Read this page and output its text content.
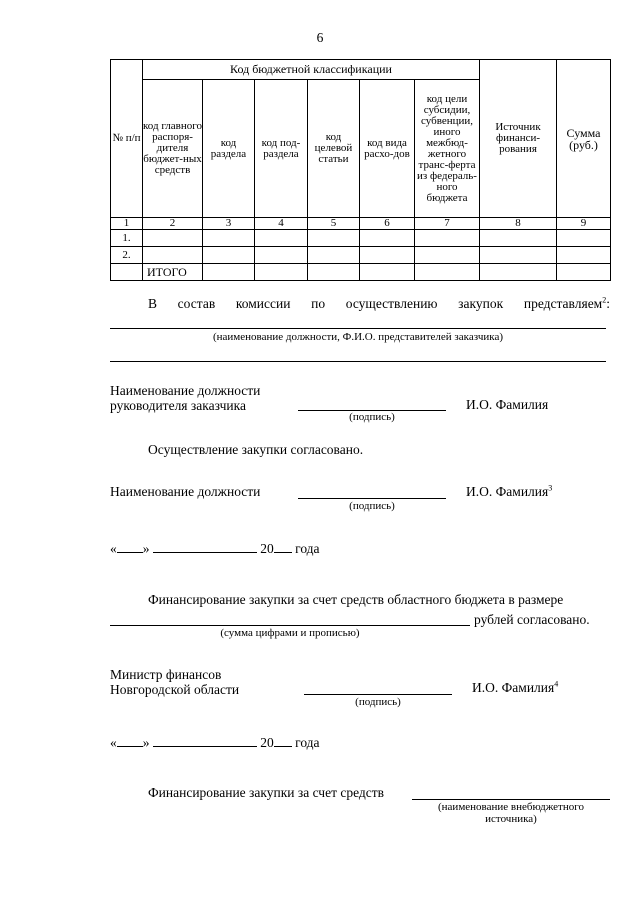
6
№ п/п	Код бюджетной классификации						Источник финанси-рования	Сумма (руб.)
	код главного распоря-дителя бюджет-ных средств	код раздела	код под-раздела	код целевой статьи	код вида расхо-дов	код цели субсидии, субвенции, иного межбюд-жетного транс-ферта из федераль-ного бюджета		
1	2	3	4	5	6	7	8	9
1.								
2.								
	ИТОГО							
В состав комиссии по осуществлению закупок представляем$^2$:
(наименование должности, Ф.И.О. представителей заказчика)
Наименование должности
руководителя заказчика
(подпись)
И.О. Фамилия
Осуществление закупки согласовано.
Наименование должности
(подпись)
И.О. Фамилия$^3$
« »	20 года
Финансирование закупки за счет средств областного бюджета в размере
рублей согласовано.
(сумма цифрами и прописью)
Министр финансов
Новгородской области
(подпись)
И.О. Фамилия$^4$
« »	20 года
Финансирование закупки за счет средств
(наименование внебюджетного
источника)
